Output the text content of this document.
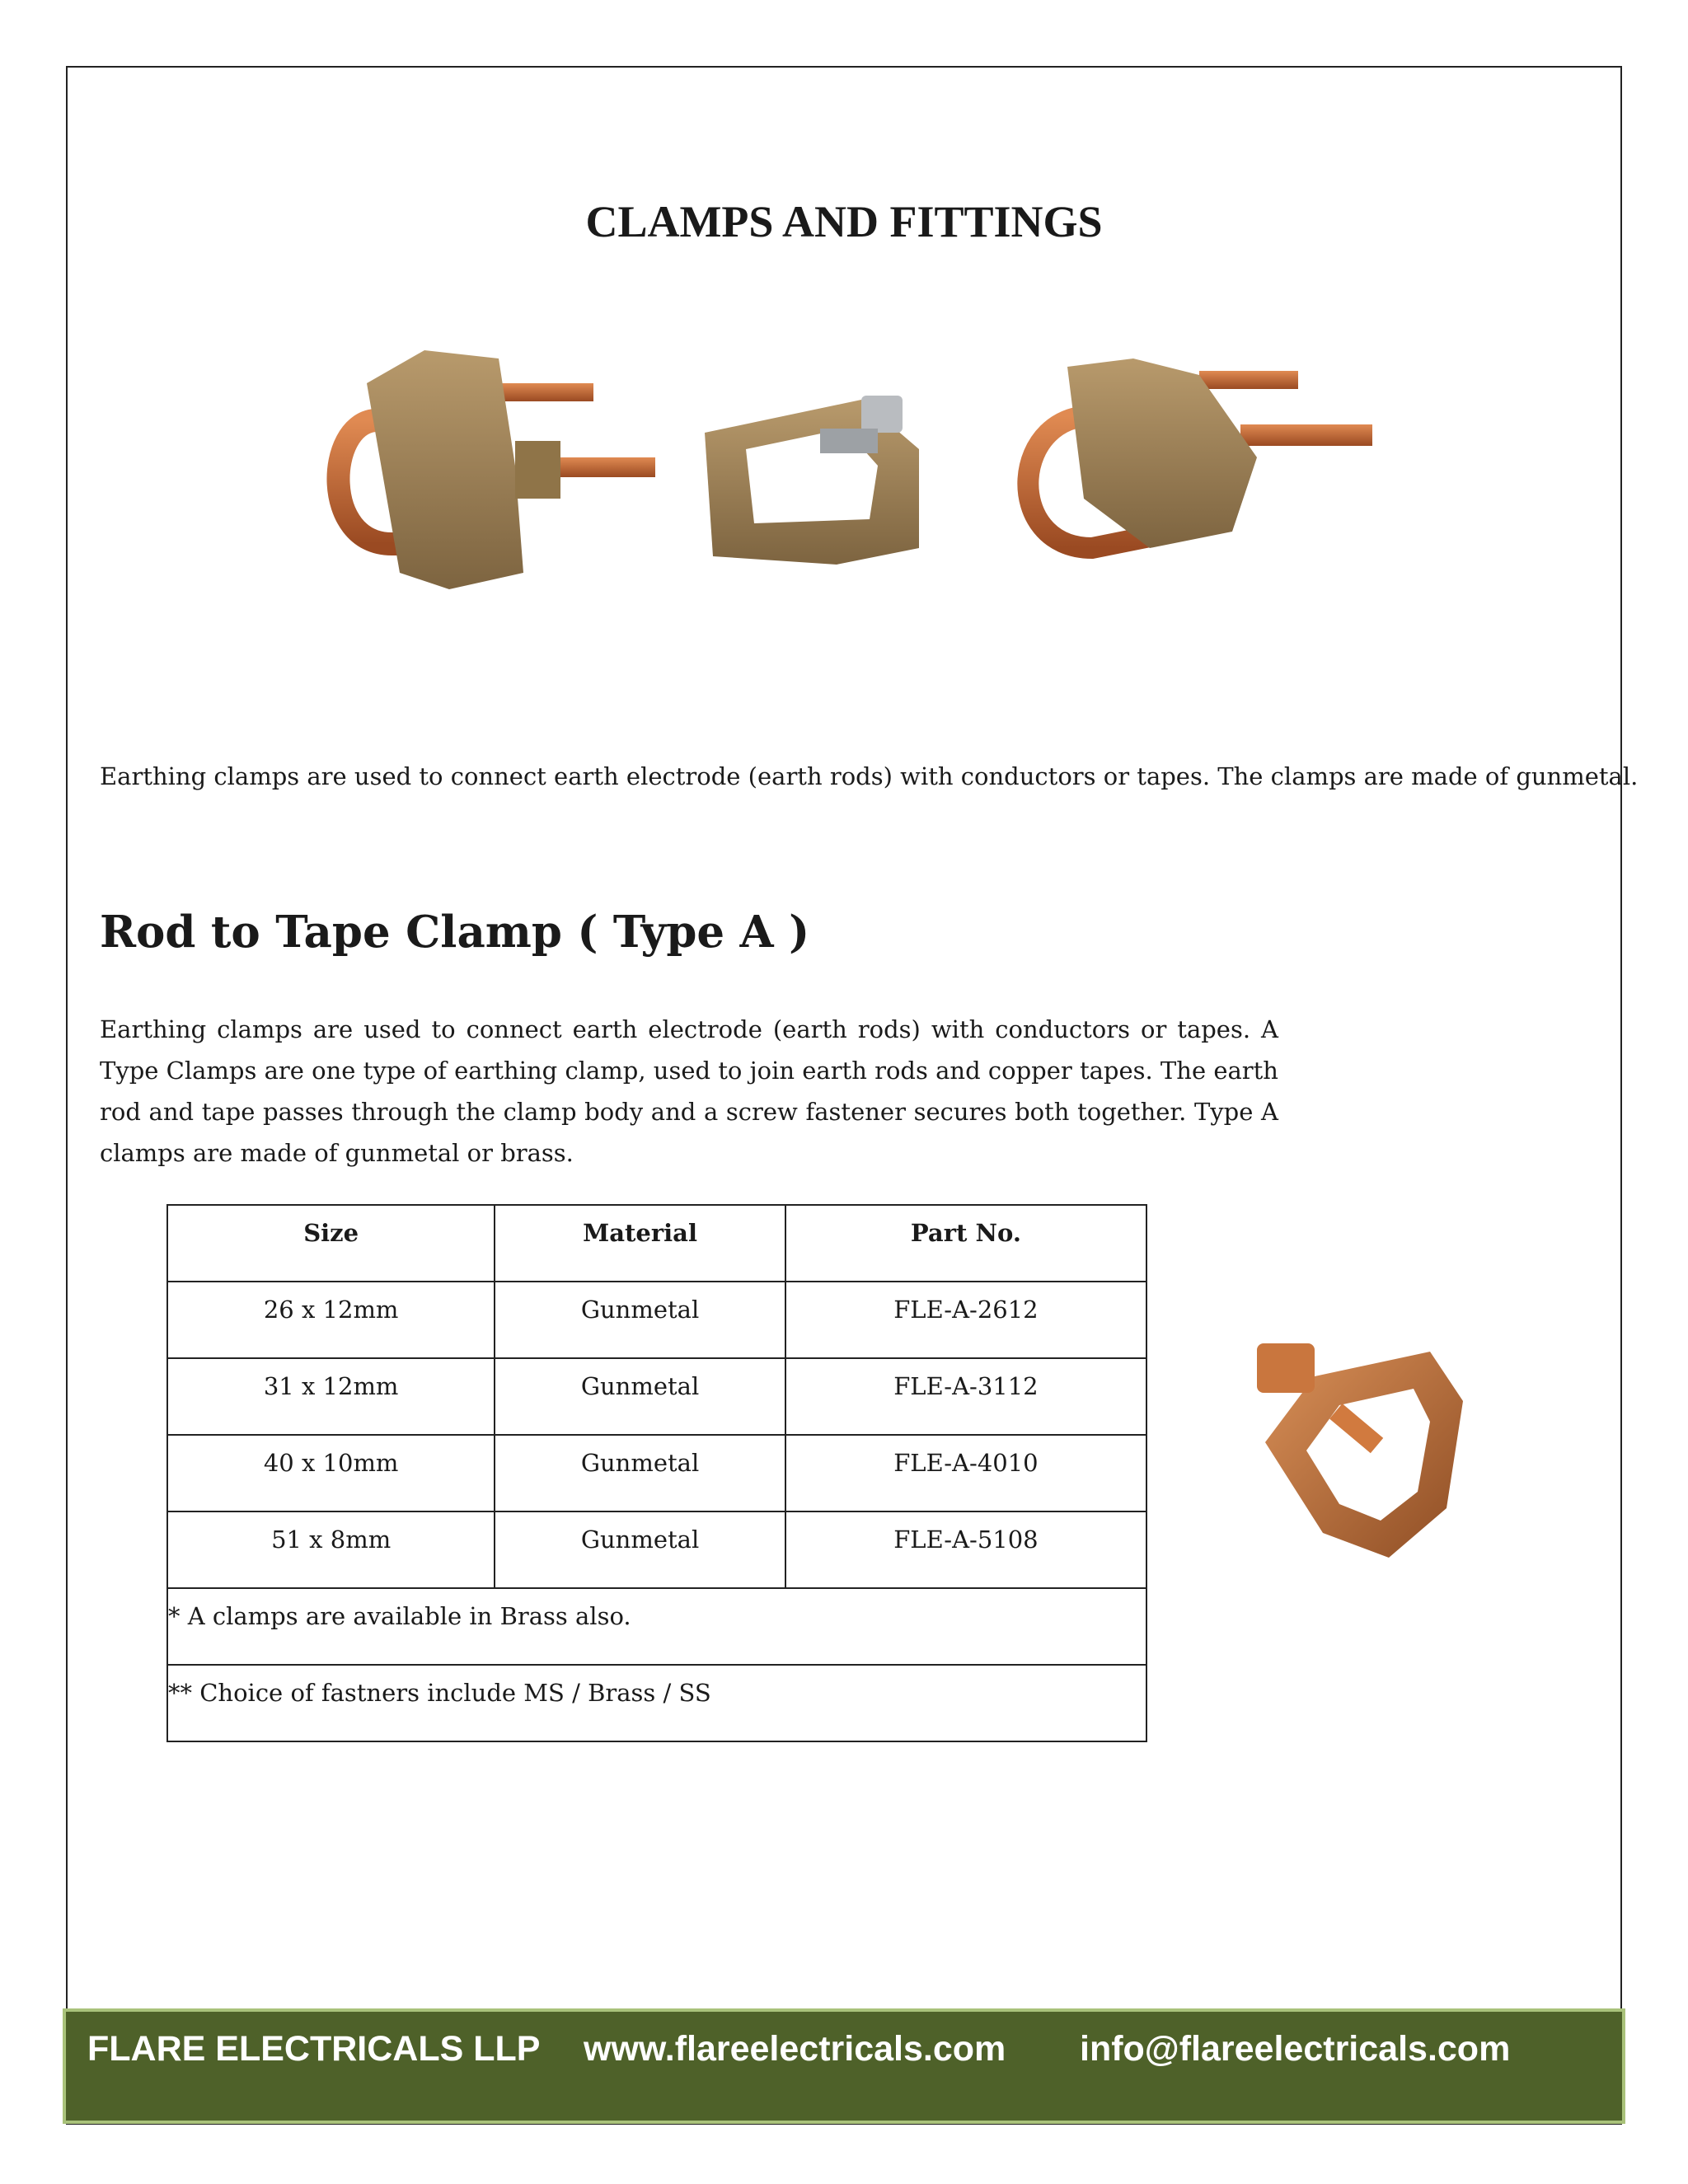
CLAMPS AND FITTINGS
Earthing clamps are used to connect earth electrode (earth rods) with conductors or tapes. The clamps are made of gunmetal.
Rod to Tape Clamp ( Type A )
Earthing clamps are used to connect earth electrode (earth rods) with conductors or tapes. A Type Clamps are one type of earthing clamp, used to join earth rods and copper tapes. The earth rod and tape passes through the clamp body and a screw fastener secures both together. Type A clamps are made of gunmetal or brass.
Size	Material	Part No.
26 x 12mm	Gunmetal	FLE-A-2612
31 x 12mm	Gunmetal	FLE-A-3112
40 x 10mm	Gunmetal	FLE-A-4010
51 x 8mm	Gunmetal	FLE-A-5108
* A clamps are available in Brass also.		
** Choice of fastners include MS / Brass / SS		
FLARE ELECTRICALS LLP www.flareelectricals.com info@flareelectricals.com
